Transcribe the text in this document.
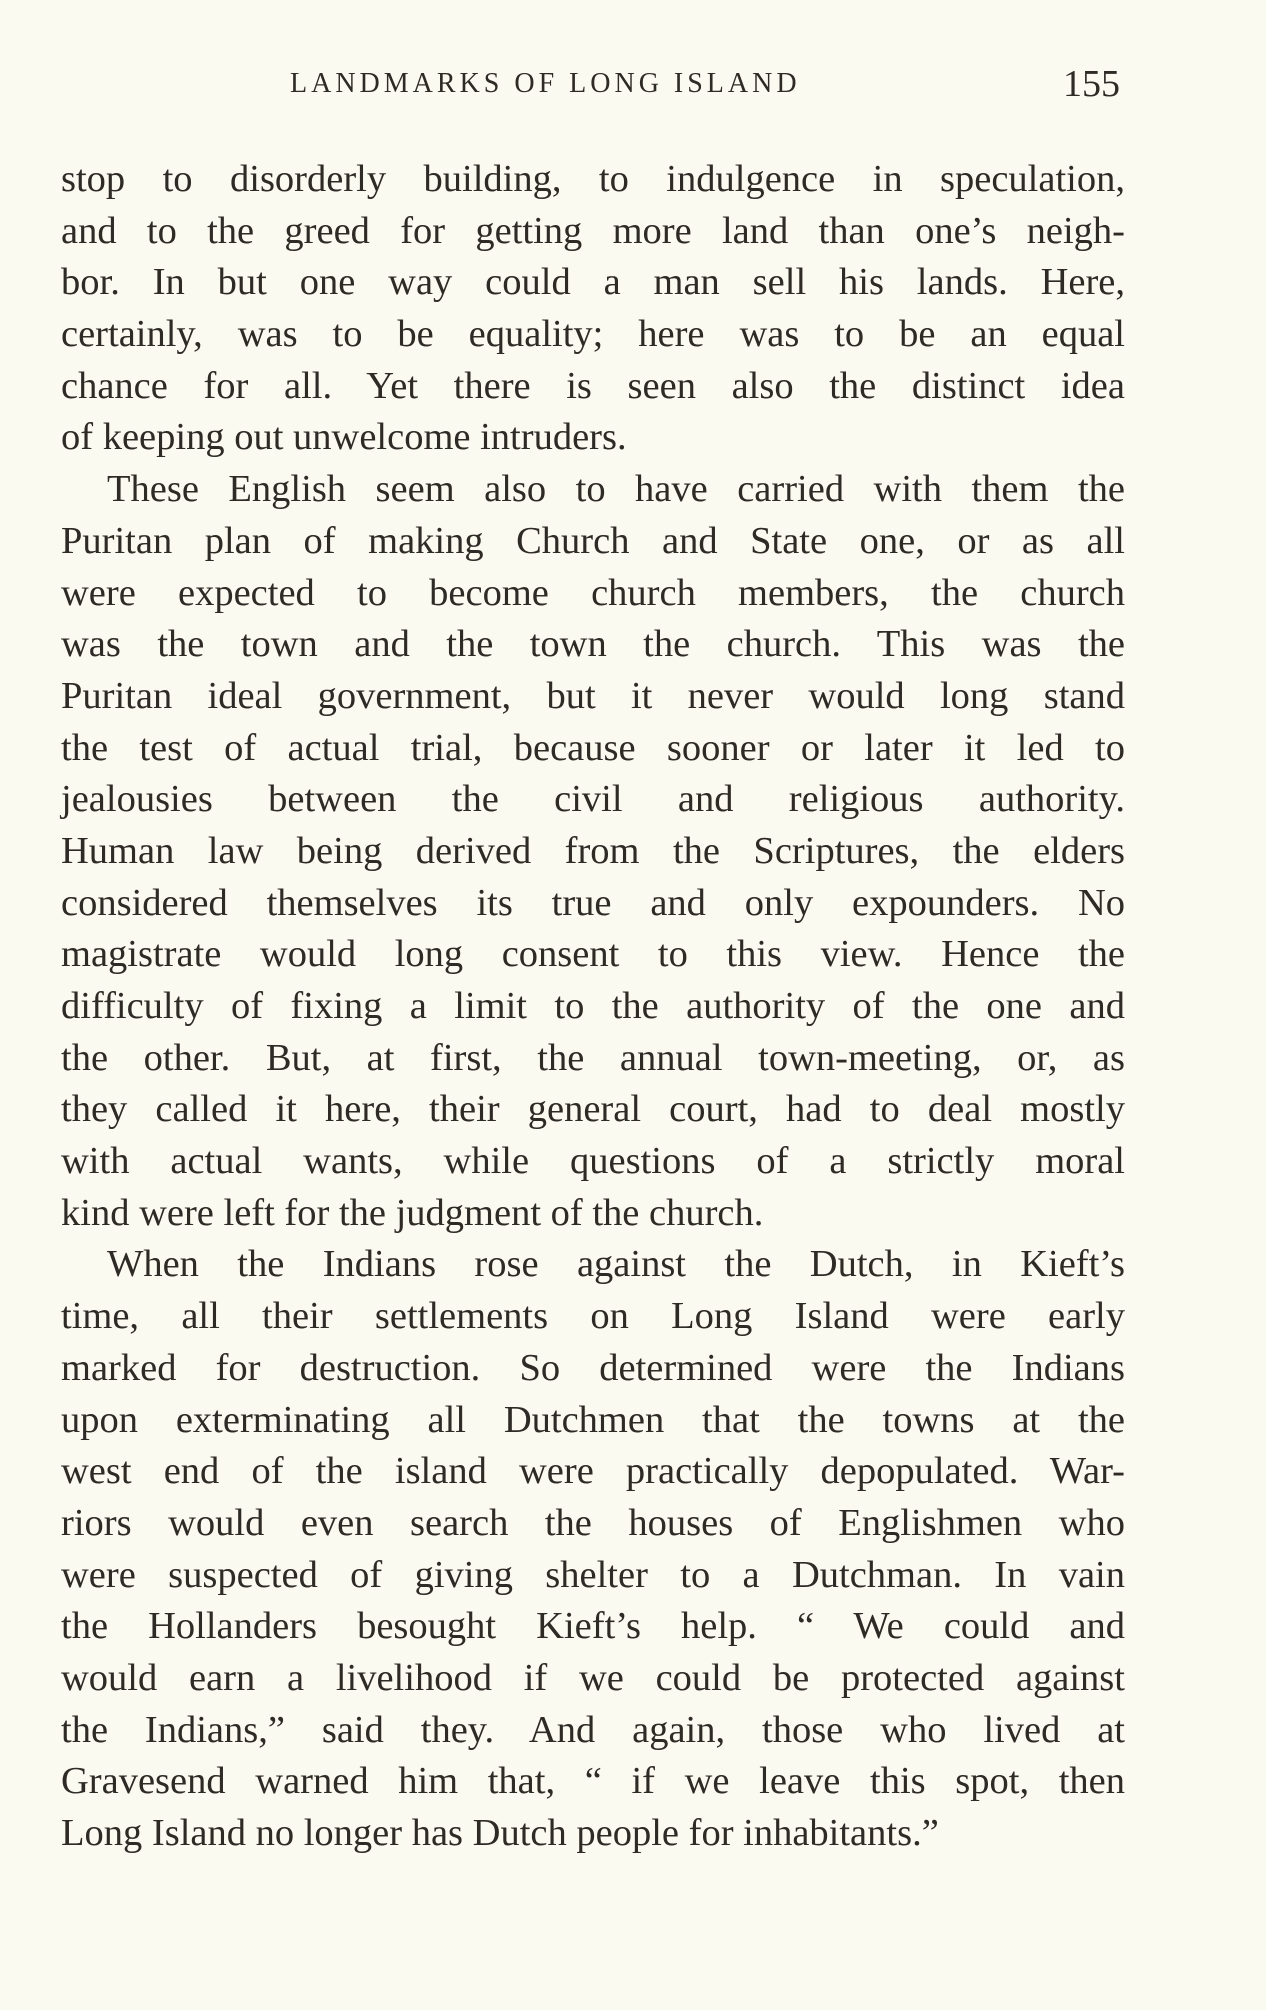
LANDMARKS OF LONG ISLAND	155
stop to disorderly building, to indulgence in speculation,
and to the greed for getting more land than one’s neigh-
bor. In but one way could a man sell his lands. Here,
certainly, was to be equality; here was to be an equal
chance for all. Yet there is seen also the distinct idea
of keeping out unwelcome intruders.
These English seem also to have carried with them the
Puritan plan of making Church and State one, or as all
were expected to become church members, the church
was the town and the town the church. This was the
Puritan ideal government, but it never would long stand
the test of actual trial, because sooner or later it led to
jealousies between the civil and religious authority.
Human law being derived from the Scriptures, the elders
considered themselves its true and only expounders. No
magistrate would long consent to this view. Hence the
difficulty of fixing a limit to the authority of the one and
the other. But, at first, the annual town-meeting, or, as
they called it here, their general court, had to deal mostly
with actual wants, while questions of a strictly moral
kind were left for the judgment of the church.
When the Indians rose against the Dutch, in Kieft’s
time, all their settlements on Long Island were early
marked for destruction. So determined were the Indians
upon exterminating all Dutchmen that the towns at the
west end of the island were practically depopulated. War-
riors would even search the houses of Englishmen who
were suspected of giving shelter to a Dutchman. In vain
the Hollanders besought Kieft’s help. “ We could and
would earn a livelihood if we could be protected against
the Indians,” said they. And again, those who lived at
Gravesend warned him that, “ if we leave this spot, then
Long Island no longer has Dutch people for inhabitants.”
